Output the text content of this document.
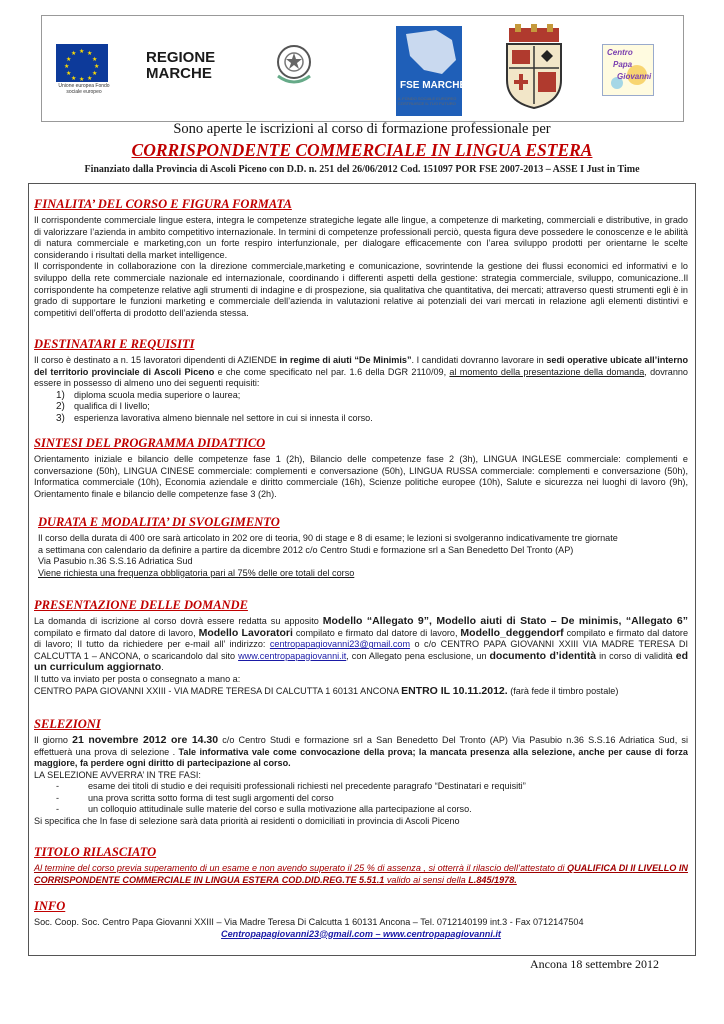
★ ★
★
★
★
★
★
★
★
★
★
★
Unione europea Fondo sociale europeo
REGIONE MARCHE
FSE MARCHE
IL FONDO SOCIALE EUROPEO COSTRUISCE IL TUO FUTURO
Centro
Papa
Giovanni
Sono aperte le iscrizioni al corso di formazione professionale per
CORRISPONDENTE COMMERCIALE IN LINGUA ESTERA
Finanziato dalla Provincia di Ascoli Piceno con D.D. n. 251 del 26/06/2012 Cod. 151097 POR FSE 2007-2013 – ASSE I Just in Time
FINALITA’ DEL CORSO E FIGURA FORMATA
Il corrispondente commerciale lingue estera, integra le competenze strategiche legate alle lingue, a competenze di marketing, commerciali e distributive, in grado di valorizzare l’azienda in ambito competitivo internazionale. In termini di competenze professionali perciò, questa figura deve possedere le conoscenze e le abilità di natura commerciale e marketing,con un forte respiro interfunzionale, per dialogare efficacemente con l’area sviluppo prodotti per orientarne le scelte considerando i risultati della market intelligence.
Il corrispondente in collaborazione con la direzione commerciale,marketing e comunicazione, sovrintende la gestione dei flussi economici ed informativi e lo sviluppo della rete commerciale nazionale ed internazionale, coordinando i differenti aspetti della gestione: strategia commerciale, sviluppo, comunicazione..Il corrispondente ha competenze relative agli strumenti di indagine e di prospezione, sia qualitativa che quantitativa, dei mercati; attraverso questi strumenti egli è in grado di supportare le funzioni marketing e commerciale dell’azienda in valutazioni relative ai potenziali dei vari mercati in relazione agli elementi distintivi e competitivi dell’offerta di prodotto dell’azienda stessa.
DESTINATARI E REQUISITI
Il corso è destinato a n. 15 lavoratori dipendenti di AZIENDE in regime di aiuti “De Minimis”. I candidati dovranno lavorare in sedi operative ubicate all’interno del territorio provinciale di Ascoli Piceno e che come specificato nel par. 1.6 della DGR 2110/09, al momento della presentazione della domanda, dovranno essere in possesso di almeno uno dei seguenti requisiti:
1) diploma scuola media superiore o laurea;
2) qualifica di I livello;
3) esperienza lavorativa almeno biennale nel settore in cui si innesta il corso.
SINTESI DEL PROGRAMMA DIDATTICO
Orientamento iniziale e bilancio delle competenze fase 1 (2h), Bilancio delle competenze fase 2 (3h), LINGUA INGLESE commerciale: complementi e conversazione (50h), LINGUA CINESE commerciale: complementi e conversazione (50h), LINGUA RUSSA commerciale: complementi e conversazione (50h), Informatica commerciale (10h), Economia aziendale e diritto commerciale (16h), Scienze politiche europee (10h), Salute e sicurezza nei luoghi di lavoro (9h), Orientamento finale e bilancio delle competenze fase 3 (2h).
DURATA E MODALITA’ DI SVOLGIMENTO
Il corso della durata di 400 ore sarà articolato in 202 ore di teoria, 90 di stage e 8 di esame; le lezioni si svolgeranno indicativamente tre giornate
a settimana con calendario da definire a partire da dicembre 2012 c/o Centro Studi e formazione srl a San Benedetto Del Tronto (AP)
Via Pasubio n.36 S.S.16 Adriatica Sud
Viene richiesta una frequenza obbligatoria pari al 75% delle ore totali del corso
PRESENTAZIONE DELLE DOMANDE
La domanda di iscrizione al corso dovrà essere redatta su apposito Modello “Allegato 9”, Modello aiuti di Stato – De minimis, “Allegato 6” compilato e firmato dal datore di lavoro, Modello Lavoratori compilato e firmato dal datore di lavoro, Modello_deggendorf compilato e firmato dal datore di lavoro; Il tutto da richiedere per e-mail all’ indirizzo: centropapagiovanni23@gmail.com o c/o CENTRO PAPA GIOVANNI XXIII VIA MADRE TERESA DI CALCUTTA 1 – ANCONA, o scaricandolo dal sito www.centropapagiovanni.it, con Allegato pena esclusione, un documento d’identità in corso di validità ed un curriculum aggiornato.
Il tutto va inviato per posta o consegnato a mano a:
CENTRO PAPA GIOVANNI XXIII - VIA MADRE TERESA DI CALCUTTA 1 60131 ANCONA ENTRO IL 10.11.2012. (farà fede il timbro postale)
SELEZIONI
Il giorno 21 novembre 2012 ore 14.30 c/o Centro Studi e formazione srl a San Benedetto Del Tronto (AP) Via Pasubio n.36 S.S.16 Adriatica Sud, si effettuerà una prova di selezione . Tale informativa vale come convocazione della prova; la mancata presenza alla selezione, anche per cause di forza maggiore, fa perdere ogni diritto di partecipazione al corso.
LA SELEZIONE AVVERRA’ IN TRE FASI:
- esame dei titoli di studio e dei requisiti professionali richiesti nel precedente paragrafo “Destinatari e requisiti”
- una prova scritta sotto forma di test sugli argomenti del corso
- un colloquio attitudinale sulle materie del corso e sulla motivazione alla partecipazione al corso.
Si specifica che In fase di selezione sarà data priorità ai residenti o domiciliati in provincia di Ascoli Piceno
TITOLO RILASCIATO
Al termine del corso previa superamento di un esame e non avendo superato il 25 % di assenza , si otterrà il rilascio dell’attestato di QUALIFICA DI II LIVELLO IN CORRISPONDENTE COMMERCIALE IN LINGUA ESTERA COD.DID.REG.TE 5.51.1 valido ai sensi della L.845/1978.
INFO
Soc. Coop. Soc. Centro Papa Giovanni XXIII – Via Madre Teresa Di Calcutta 1 60131 Ancona – Tel. 0712140199 int.3 - Fax 0712147504
Centropapagiovanni23@gmail.com – www.centropapagiovanni.it
Ancona 18 settembre 2012
